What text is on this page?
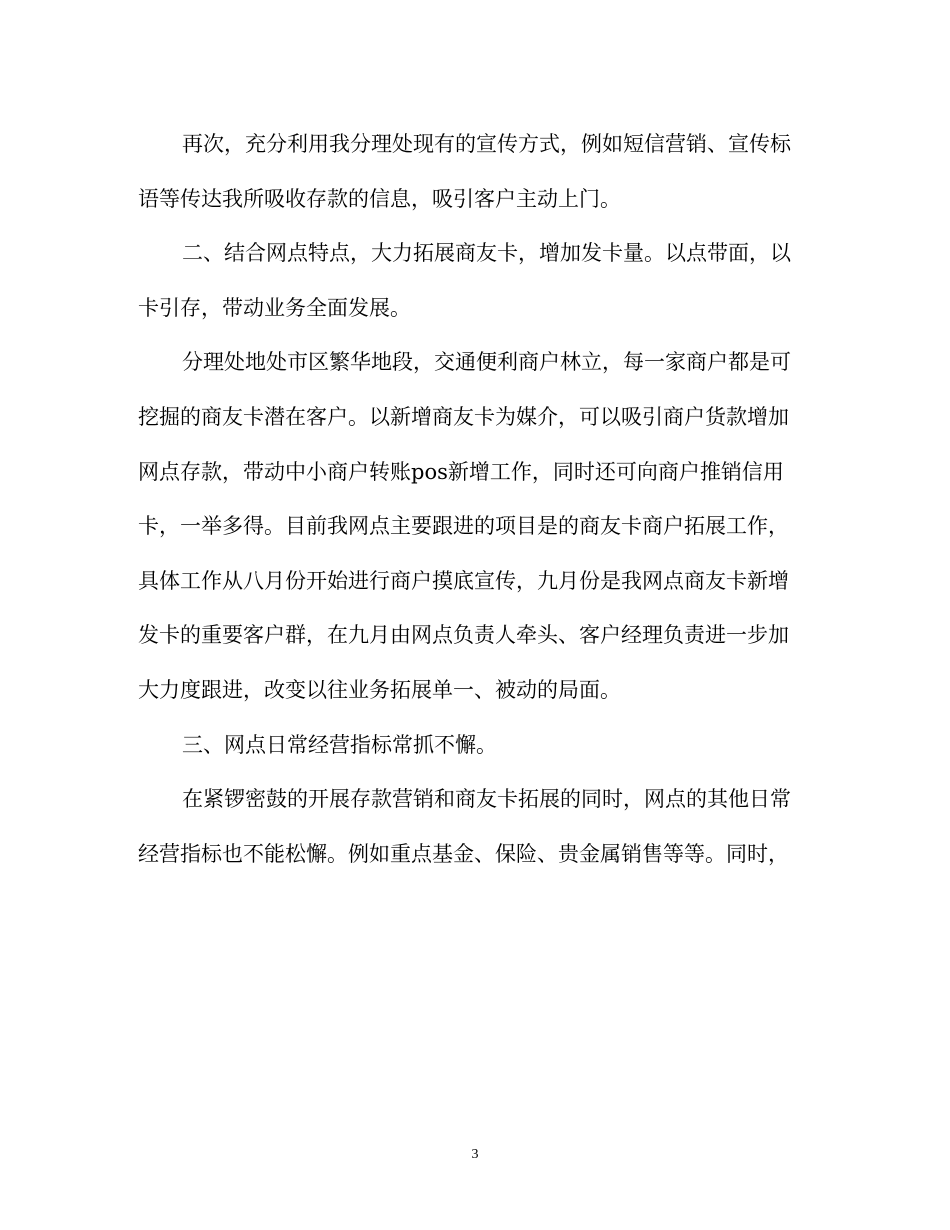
再次，充分利用我分理处现有的宣传方式，例如短信营销、宣传标
语等传达我所吸收存款的信息，吸引客户主动上门。
二、结合网点特点，大力拓展商友卡，增加发卡量。以点带面，以
卡引存，带动业务全面发展。
分理处地处市区繁华地段，交通便利商户林立，每一家商户都是可
挖掘的商友卡潜在客户。以新增商友卡为媒介，可以吸引商户货款增加
网点存款，带动中小商户转账pos新增工作，同时还可向商户推销信用
卡，一举多得。目前我网点主要跟进的项目是的商友卡商户拓展工作，
具体工作从八月份开始进行商户摸底宣传，九月份是我网点商友卡新增
发卡的重要客户群，在九月由网点负责人牵头、客户经理负责进一步加
大力度跟进，改变以往业务拓展单一、被动的局面。
三、网点日常经营指标常抓不懈。
在紧锣密鼓的开展存款营销和商友卡拓展的同时，网点的其他日常
经营指标也不能松懈。例如重点基金、保险、贵金属销售等等。同时，
3
